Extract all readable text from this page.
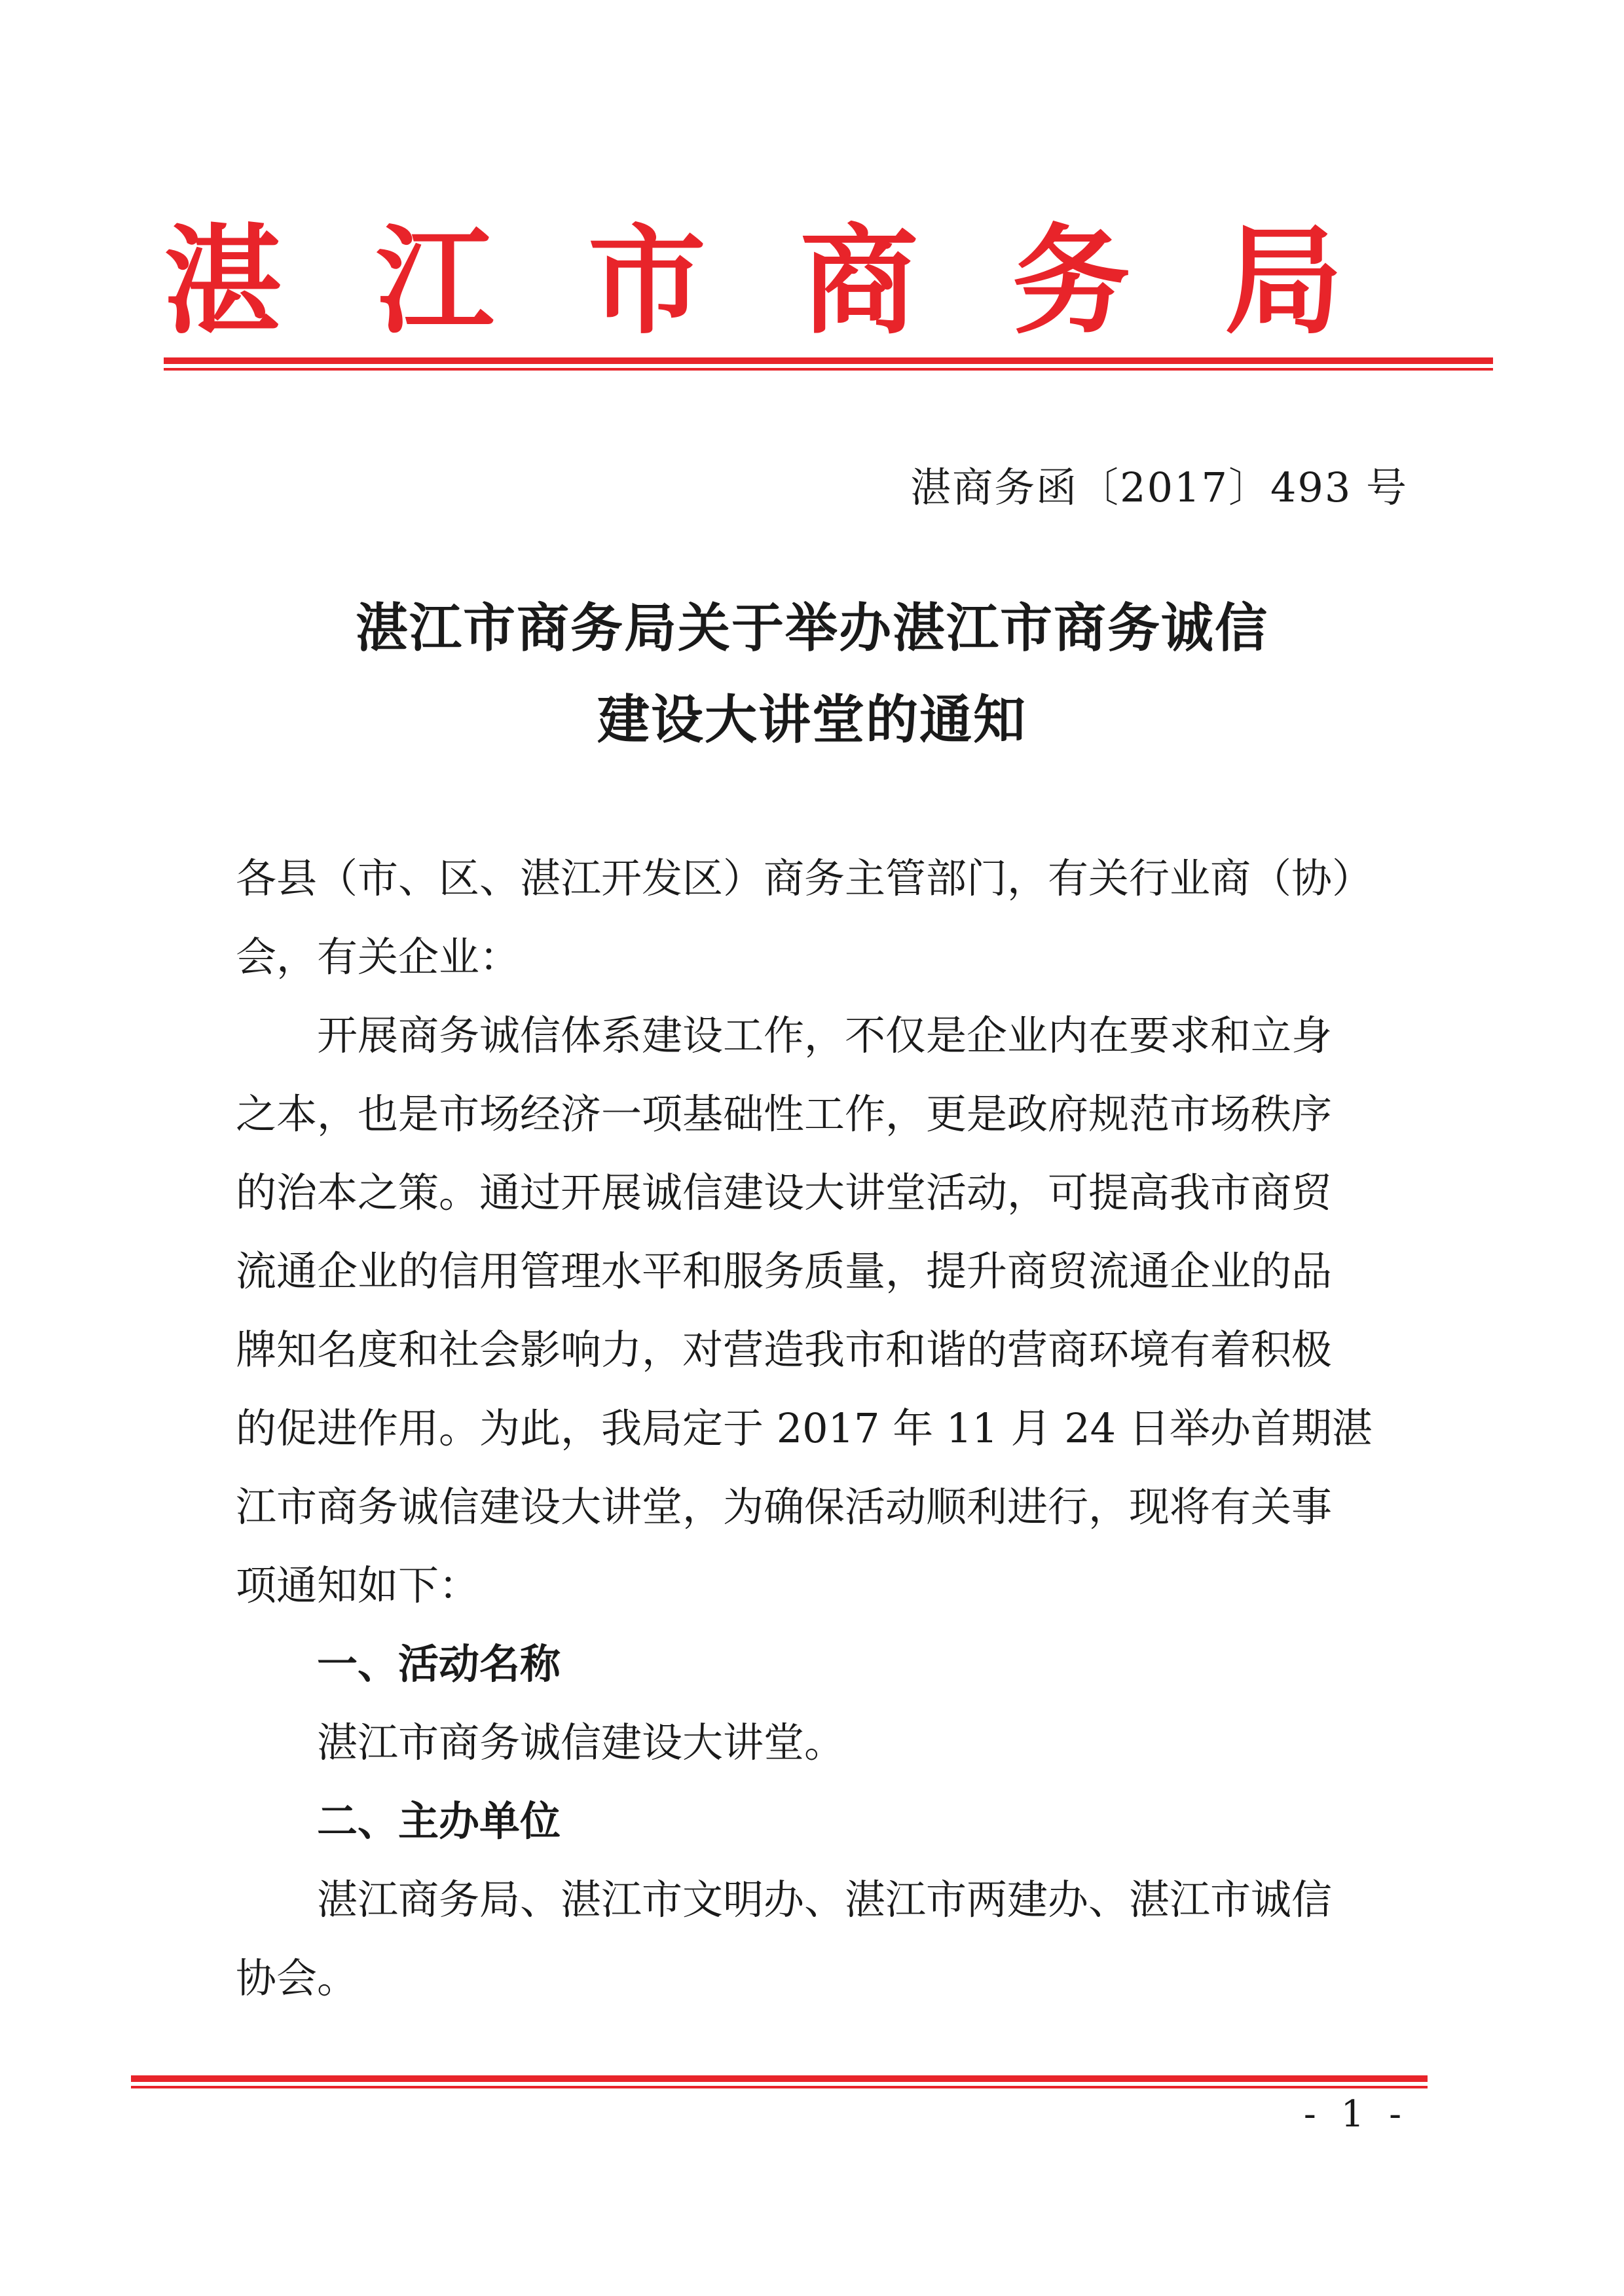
湛 江 市 商 务 局
湛商务函〔2017〕493 号
湛江市商务局关于举办湛江市商务诚信
建设大讲堂的通知

各县（市、区、湛江开发区）商务主管部门，有关行业商（协）

会，有关企业：

开展商务诚信体系建设工作，不仅是企业内在要求和立身

之本，也是市场经济一项基础性工作，更是政府规范市场秩序

的治本之策。通过开展诚信建设大讲堂活动，可提高我市商贸

流通企业的信用管理水平和服务质量，提升商贸流通企业的品

牌知名度和社会影响力，对营造我市和谐的营商环境有着积极

的促进作用。为此，我局定于 2017 年 11 月 24 日举办首期湛

江市商务诚信建设大讲堂，为确保活动顺利进行，现将有关事

项通知如下：

一、活动名称

湛江市商务诚信建设大讲堂。

二、主办单位

湛江商务局、湛江市文明办、湛江市两建办、湛江市诚信

协会。

- 1 -
